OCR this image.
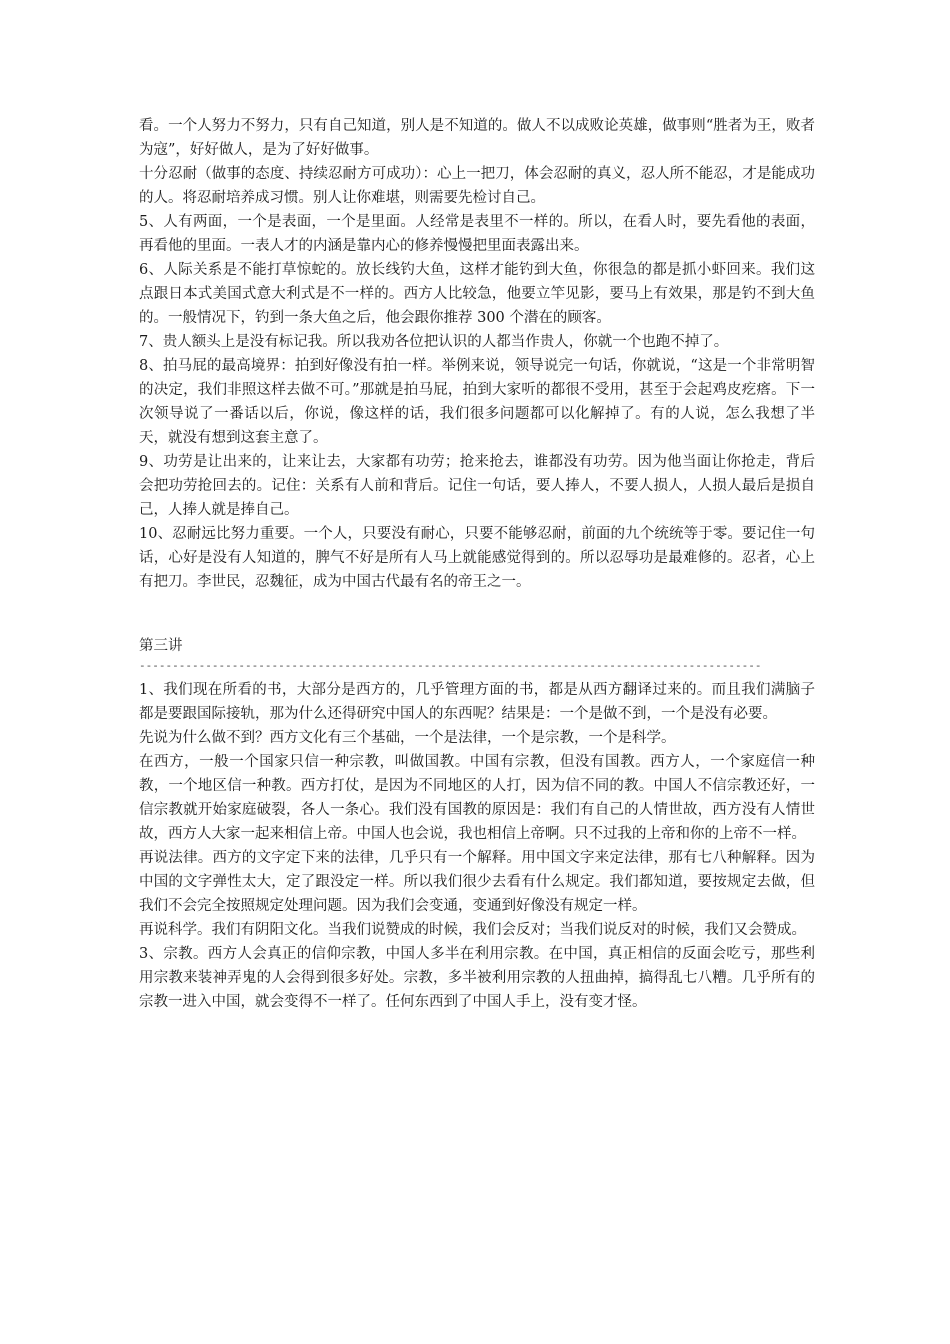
看。一个人努力不努力，只有自己知道，别人是不知道的。做人不以成败论英雄，做事则“胜者为王，败者为寇”，好好做人，是为了好好做事。

十分忍耐（做事的态度、持续忍耐方可成功）：心上一把刀，体会忍耐的真义，忍人所不能忍，才是能成功的人。将忍耐培养成习惯。别人让你难堪，则需要先检讨自己。

5、人有两面，一个是表面，一个是里面。人经常是表里不一样的。所以，在看人时，要先看他的表面，再看他的里面。一表人才的内涵是靠内心的修养慢慢把里面表露出来。

6、人际关系是不能打草惊蛇的。放长线钓大鱼，这样才能钓到大鱼，你很急的都是抓小虾回来。我们这点跟日本式美国式意大利式是不一样的。西方人比较急，他要立竿见影，要马上有效果，那是钓不到大鱼的。一般情况下，钓到一条大鱼之后，他会跟你推荐 300 个潜在的顾客。

7、贵人额头上是没有标记我。所以我劝各位把认识的人都当作贵人，你就一个也跑不掉了。

8、拍马屁的最高境界：拍到好像没有拍一样。举例来说，领导说完一句话，你就说，“这是一个非常明智的决定，我们非照这样去做不可。”那就是拍马屁，拍到大家听的都很不受用，甚至于会起鸡皮疙瘩。下一次领导说了一番话以后，你说，像这样的话，我们很多问题都可以化解掉了。有的人说，怎么我想了半天，就没有想到这套主意了。

9、功劳是让出来的，让来让去，大家都有功劳；抢来抢去，谁都没有功劳。因为他当面让你抢走，背后会把功劳抢回去的。记住：关系有人前和背后。记住一句话，要人捧人，不要人损人，人损人最后是损自己，人捧人就是捧自己。

10、忍耐远比努力重要。一个人，只要没有耐心，只要不能够忍耐，前面的九个统统等于零。要记住一句话，心好是没有人知道的，脾气不好是所有人马上就能感觉得到的。所以忍辱功是最难修的。忍者，心上有把刀。李世民，忍魏征，成为中国古代最有名的帝王之一。

第三讲

----------------------------------------------------------------------------------------------

1、我们现在所看的书，大部分是西方的，几乎管理方面的书，都是从西方翻译过来的。而且我们满脑子都是要跟国际接轨，那为什么还得研究中国人的东西呢？结果是：一个是做不到，一个是没有必要。

先说为什么做不到？西方文化有三个基础，一个是法律，一个是宗教，一个是科学。

在西方，一般一个国家只信一种宗教，叫做国教。中国有宗教，但没有国教。西方人，一个家庭信一种教，一个地区信一种教。西方打仗，是因为不同地区的人打，因为信不同的教。中国人不信宗教还好，一信宗教就开始家庭破裂，各人一条心。我们没有国教的原因是：我们有自己的人情世故，西方没有人情世故，西方人大家一起来相信上帝。中国人也会说，我也相信上帝啊。只不过我的上帝和你的上帝不一样。

再说法律。西方的文字定下来的法律，几乎只有一个解释。用中国文字来定法律，那有七八种解释。因为中国的文字弹性太大，定了跟没定一样。所以我们很少去看有什么规定。我们都知道，要按规定去做，但我们不会完全按照规定处理问题。因为我们会变通，变通到好像没有规定一样。

再说科学。我们有阴阳文化。当我们说赞成的时候，我们会反对；当我们说反对的时候，我们又会赞成。

3、宗教。西方人会真正的信仰宗教，中国人多半在利用宗教。在中国，真正相信的反面会吃亏，那些利用宗教来装神弄鬼的人会得到很多好处。宗教，多半被利用宗教的人扭曲掉，搞得乱七八糟。几乎所有的宗教一进入中国，就会变得不一样了。任何东西到了中国人手上，没有变才怪。
